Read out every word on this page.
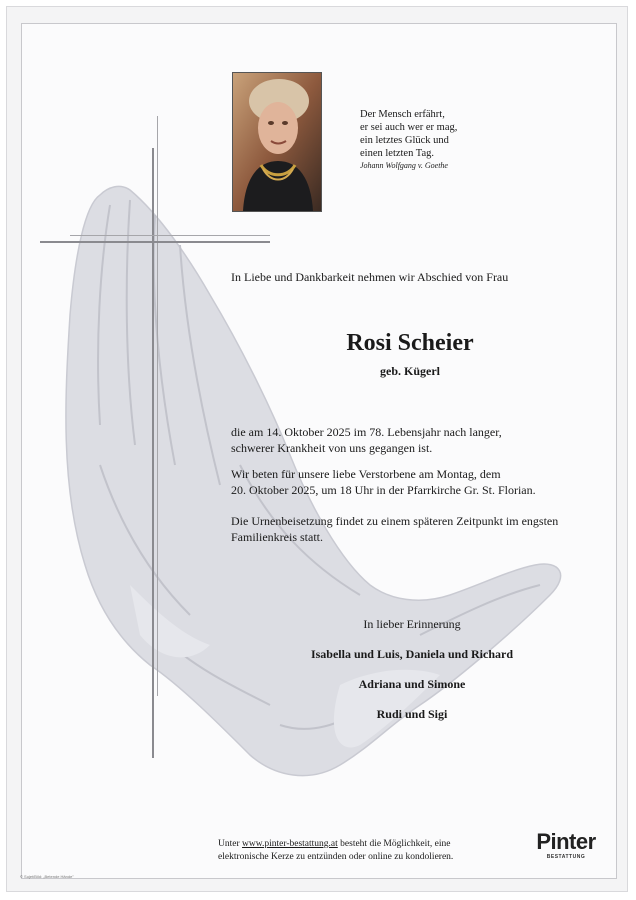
Der Mensch erfährt,
er sei auch wer er mag,
ein letztes Glück und
einen letzten Tag.
Johann Wolfgang v. Goethe
In Liebe und Dankbarkeit nehmen wir Abschied von Frau
Rosi Scheier
geb. Kügerl
die am 14. Oktober 2025 im 78. Lebensjahr nach langer,
schwerer Krankheit von uns gegangen ist.
Wir beten für unsere liebe Verstorbene am Montag, dem
20. Oktober 2025, um 18 Uhr in der Pfarrkirche Gr. St. Florian.
Die Urnenbeisetzung findet zu einem späteren Zeitpunkt im engsten
Familienkreis statt.
In lieber Erinnerung
Isabella und Luis, Daniela und Richard
Adriana und Simone
Rudi und Sigi
Unter www.pinter-bestattung.at besteht die Möglichkeit, eine
elektronische Kerze zu entzünden oder online zu kondolieren.
Pinter
BESTATTUNG
© Sujet/Bild: „Betende Hände"
